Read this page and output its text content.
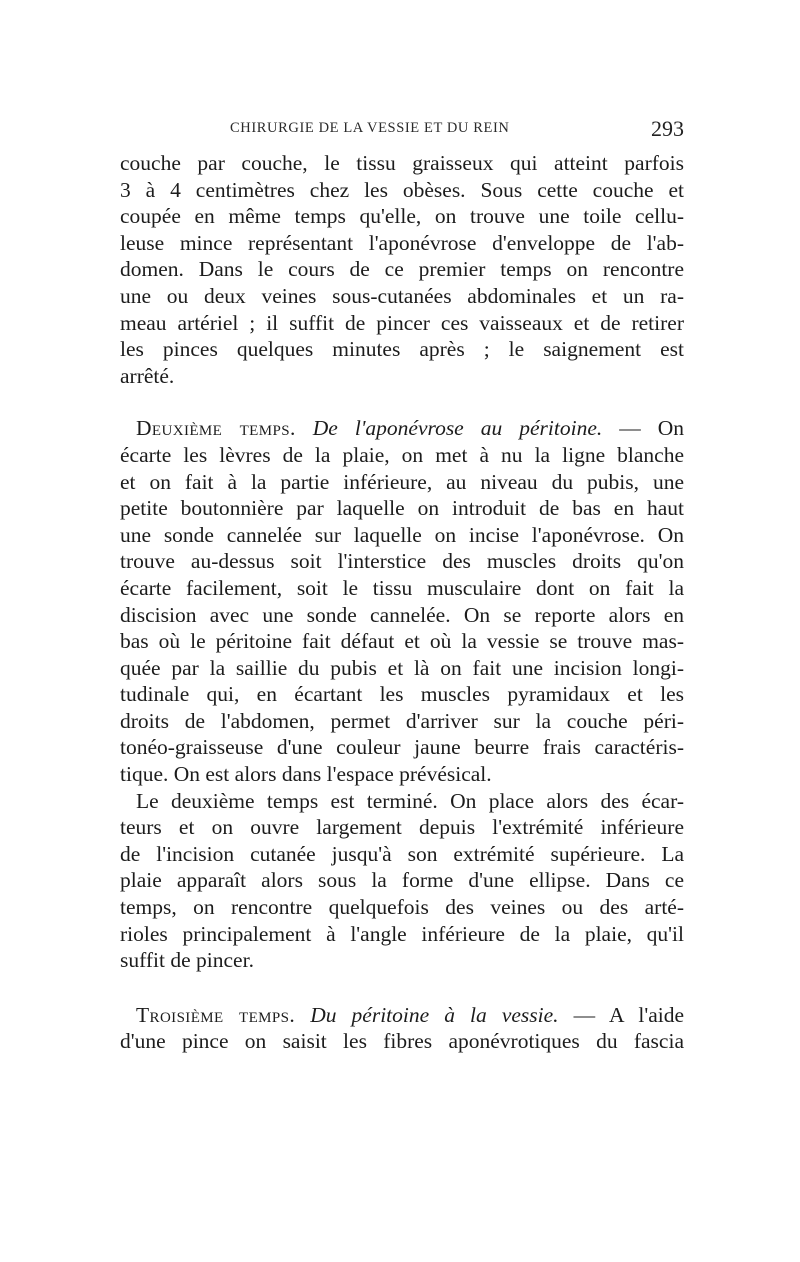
CHIRURGIE DE LA VESSIE ET DU REIN	293
couche par couche, le tissu graisseux qui atteint parfois
3 à 4 centimètres chez les obèses. Sous cette couche et
coupée en même temps qu'elle, on trouve une toile cellu-
leuse mince représentant l'aponévrose d'enveloppe de l'ab-
domen. Dans le cours de ce premier temps on rencontre
une ou deux veines sous-cutanées abdominales et un ra-
meau artériel ; il suffit de pincer ces vaisseaux et de retirer
les pinces quelques minutes après ; le saignement est
arrêté.
Deuxième temps. De l'aponévrose au péritoine. — On
écarte les lèvres de la plaie, on met à nu la ligne blanche
et on fait à la partie inférieure, au niveau du pubis, une
petite boutonnière par laquelle on introduit de bas en haut
une sonde cannelée sur laquelle on incise l'aponévrose. On
trouve au-dessus soit l'interstice des muscles droits qu'on
écarte facilement, soit le tissu musculaire dont on fait la
discision avec une sonde cannelée. On se reporte alors en
bas où le péritoine fait défaut et où la vessie se trouve mas-
quée par la saillie du pubis et là on fait une incision longi-
tudinale qui, en écartant les muscles pyramidaux et les
droits de l'abdomen, permet d'arriver sur la couche péri-
tonéo-graisseuse d'une couleur jaune beurre frais caractéris-
tique. On est alors dans l'espace prévésical.
Le deuxième temps est terminé. On place alors des écar-
teurs et on ouvre largement depuis l'extrémité inférieure
de l'incision cutanée jusqu'à son extrémité supérieure. La
plaie apparaît alors sous la forme d'une ellipse. Dans ce
temps, on rencontre quelquefois des veines ou des arté-
rioles principalement à l'angle inférieure de la plaie, qu'il
suffit de pincer.
Troisième temps. Du péritoine à la vessie. — A l'aide
d'une pince on saisit les fibres aponévrotiques du fascia
